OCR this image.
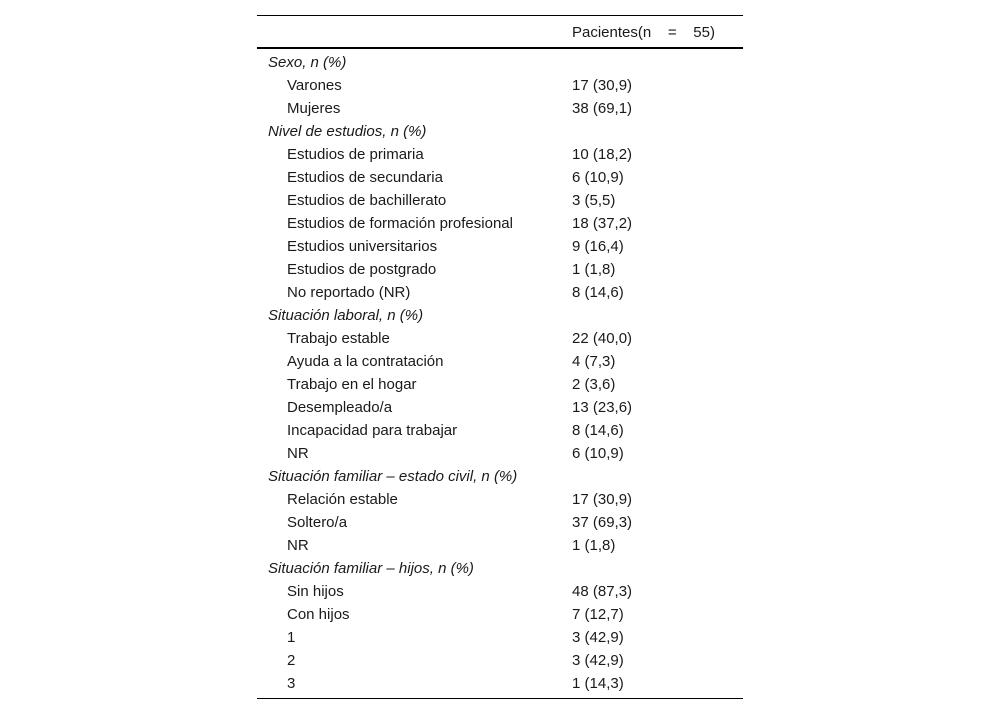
Pacientes(n    =    55)
Sexo, n (%)
Varones	17 (30,9)
Mujeres	38 (69,1)
Nivel de estudios, n (%)
Estudios de primaria	10 (18,2)
Estudios de secundaria	6 (10,9)
Estudios de bachillerato	3 (5,5)
Estudios de formación profesional	18 (37,2)
Estudios universitarios	9 (16,4)
Estudios de postgrado	1 (1,8)
No reportado (NR)	8 (14,6)
Situación laboral, n (%)
Trabajo estable	22 (40,0)
Ayuda a la contratación	4 (7,3)
Trabajo en el hogar	2 (3,6)
Desempleado/a	13 (23,6)
Incapacidad para trabajar	8 (14,6)
NR	6 (10,9)
Situación familiar – estado civil, n (%)
Relación estable	17 (30,9)
Soltero/a	37 (69,3)
NR	1 (1,8)
Situación familiar – hijos, n (%)
Sin hijos	48 (87,3)
Con hijos	7 (12,7)
1	3 (42,9)
2	3 (42,9)
3	1 (14,3)
